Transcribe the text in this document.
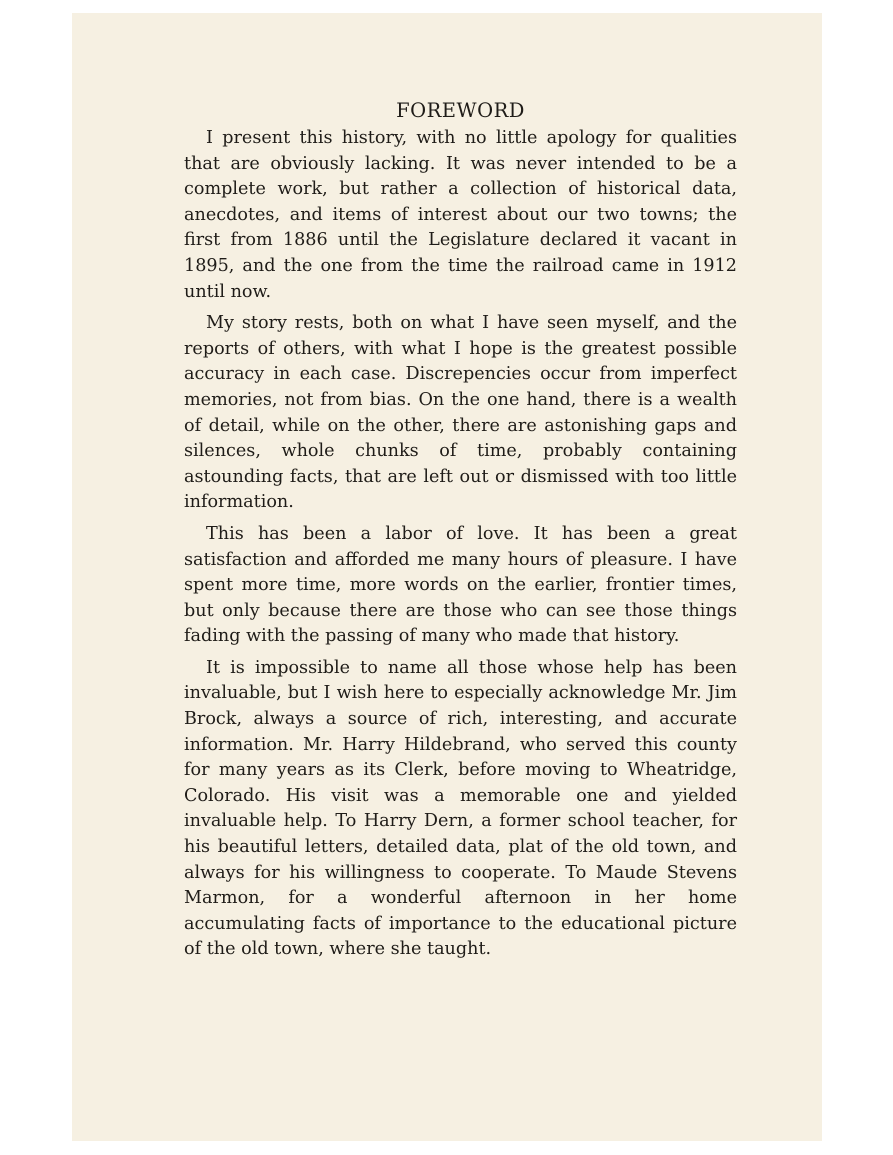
FOREWORD

I present this history, with no little apology for qualities that are obviously lacking. It was never intended to be a complete work, but rather a collection of historical data, anecdotes, and items of interest about our two towns; the first from 1886 until the Legislature declared it vacant in 1895, and the one from the time the railroad came in 1912 until now.

My story rests, both on what I have seen myself, and the reports of others, with what I hope is the greatest possible accuracy in each case. Discrepencies occur from imperfect memories, not from bias. On the one hand, there is a wealth of detail, while on the other, there are astonishing gaps and silences, whole chunks of time, probably containing astounding facts, that are left out or dismissed with too little information.

This has been a labor of love. It has been a great satisfaction and afforded me many hours of pleasure. I have spent more time, more words on the earlier, frontier times, but only because there are those who can see those things fading with the passing of many who made that history.

It is impossible to name all those whose help has been invaluable, but I wish here to especially acknowledge Mr. Jim Brock, always a source of rich, interesting, and accurate information. Mr. Harry Hildebrand, who served this county for many years as its Clerk, before moving to Wheatridge, Colorado. His visit was a memorable one and yielded invaluable help. To Harry Dern, a former school teacher, for his beautiful letters, detailed data, plat of the old town, and always for his willingness to cooperate. To Maude Stevens Marmon, for a wonderful afternoon in her home accumulating facts of importance to the educational picture of the old town, where she taught.
